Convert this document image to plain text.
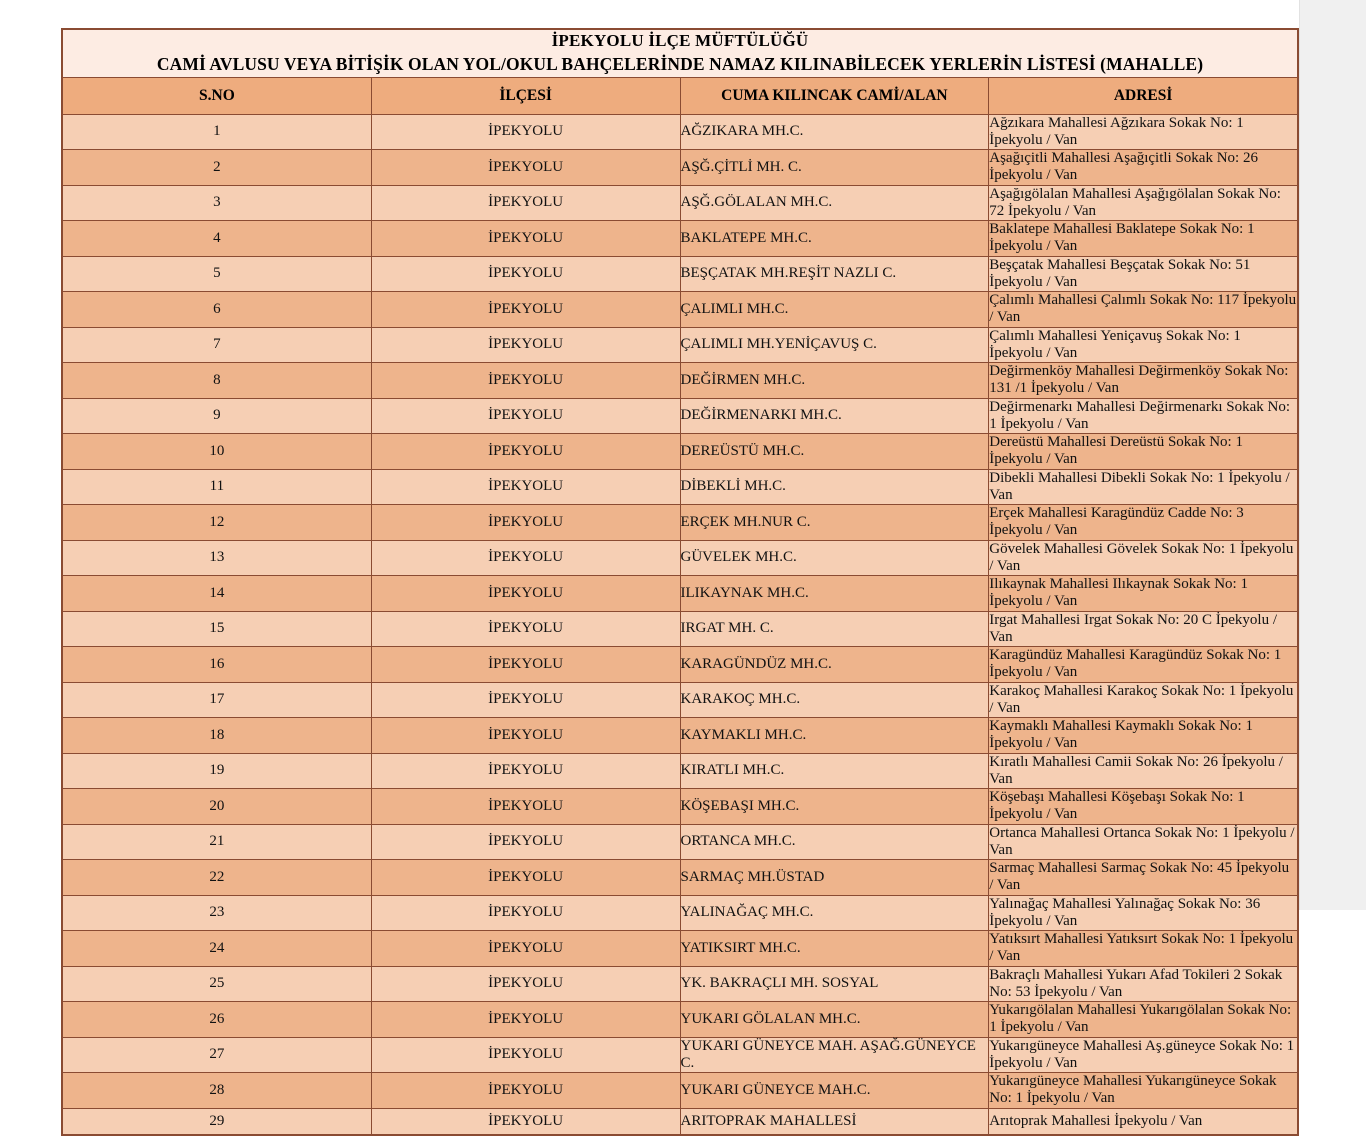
İPEKYOLU İLÇE MÜFTÜLÜĞÜ
CAMİ AVLUSU VEYA BİTİŞİK OLAN YOL/OKUL BAHÇELERİNDE NAMAZ KILINABİLECEK YERLERİN LİSTESİ (MAHALLE)			

S.NO	İLÇESİ	CUMA KILINCAK CAMİ/ALAN	ADRESİ
1	İPEKYOLU	AĞZIKARA MH.C.	Ağzıkara Mahallesi Ağzıkara Sokak No: 1 İpekyolu / Van
2	İPEKYOLU	AŞĞ.ÇİTLİ MH. C.	Aşağıçitli Mahallesi Aşağıçitli Sokak No: 26 İpekyolu / Van
3	İPEKYOLU	AŞĞ.GÖLALAN MH.C.	Aşağıgölalan Mahallesi Aşağıgölalan Sokak No: 72 İpekyolu / Van
4	İPEKYOLU	BAKLATEPE MH.C.	Baklatepe Mahallesi Baklatepe Sokak No: 1 İpekyolu / Van
5	İPEKYOLU	BEŞÇATAK MH.REŞİT NAZLI C.	Beşçatak Mahallesi Beşçatak Sokak No: 51 İpekyolu / Van
6	İPEKYOLU	ÇALIMLI MH.C.	Çalımlı Mahallesi Çalımlı Sokak No: 117 İpekyolu / Van
7	İPEKYOLU	ÇALIMLI MH.YENİÇAVUŞ C.	Çalımlı Mahallesi Yeniçavuş Sokak No: 1 İpekyolu / Van
8	İPEKYOLU	DEĞİRMEN MH.C.	Değirmenköy Mahallesi Değirmenköy Sokak No: 131 /1 İpekyolu / Van
9	İPEKYOLU	DEĞİRMENARKI MH.C.	Değirmenarkı Mahallesi Değirmenarkı Sokak No: 1 İpekyolu / Van
10	İPEKYOLU	DEREÜSTÜ MH.C.	Dereüstü Mahallesi Dereüstü Sokak No: 1 İpekyolu / Van
11	İPEKYOLU	DİBEKLİ MH.C.	Dibekli Mahallesi Dibekli Sokak No: 1 İpekyolu / Van
12	İPEKYOLU	ERÇEK MH.NUR C.	Erçek Mahallesi Karagündüz Cadde No: 3 İpekyolu / Van
13	İPEKYOLU	GÜVELEK MH.C.	Gövelek Mahallesi Gövelek Sokak No: 1 İpekyolu / Van
14	İPEKYOLU	ILIKAYNAK MH.C.	Ilıkaynak Mahallesi Ilıkaynak Sokak No: 1 İpekyolu / Van
15	İPEKYOLU	IRGAT MH. C.	Irgat Mahallesi Irgat Sokak No: 20 C İpekyolu / Van
16	İPEKYOLU	KARAGÜNDÜZ MH.C.	Karagündüz Mahallesi Karagündüz Sokak No: 1 İpekyolu / Van
17	İPEKYOLU	KARAKOÇ MH.C.	Karakoç Mahallesi Karakoç Sokak No: 1 İpekyolu / Van
18	İPEKYOLU	KAYMAKLI MH.C.	Kaymaklı Mahallesi Kaymaklı Sokak No: 1 İpekyolu / Van
19	İPEKYOLU	KIRATLI MH.C.	Kıratlı Mahallesi Camii Sokak No: 26 İpekyolu / Van
20	İPEKYOLU	KÖŞEBAŞI MH.C.	Köşebaşı Mahallesi Köşebaşı Sokak No: 1 İpekyolu / Van
21	İPEKYOLU	ORTANCA MH.C.	Ortanca Mahallesi Ortanca Sokak No: 1 İpekyolu / Van
22	İPEKYOLU	SARMAÇ MH.ÜSTAD	Sarmaç Mahallesi Sarmaç Sokak No: 45 İpekyolu / Van
23	İPEKYOLU	YALINAĞAÇ MH.C.	Yalınağaç Mahallesi Yalınağaç Sokak No: 36 İpekyolu / Van
24	İPEKYOLU	YATIKSIRT MH.C.	Yatıksırt Mahallesi Yatıksırt Sokak No: 1 İpekyolu / Van
25	İPEKYOLU	YK. BAKRAÇLI MH. SOSYAL	Bakraçlı Mahallesi Yukarı Afad Tokileri 2 Sokak No: 53 İpekyolu / Van
26	İPEKYOLU	YUKARI GÖLALAN MH.C.	Yukarıgölalan Mahallesi Yukarıgölalan Sokak No: 1 İpekyolu / Van
27	İPEKYOLU	YUKARI GÜNEYCE MAH. AŞAĞ.GÜNEYCE C.	Yukarıgüneyce Mahallesi Aş.güneyce Sokak No: 1 İpekyolu / Van
28	İPEKYOLU	YUKARI GÜNEYCE MAH.C.	Yukarıgüneyce Mahallesi Yukarıgüneyce Sokak No: 1 İpekyolu / Van
29	İPEKYOLU	ARITOPRAK MAHALLESİ	Arıtoprak Mahallesi İpekyolu / Van
